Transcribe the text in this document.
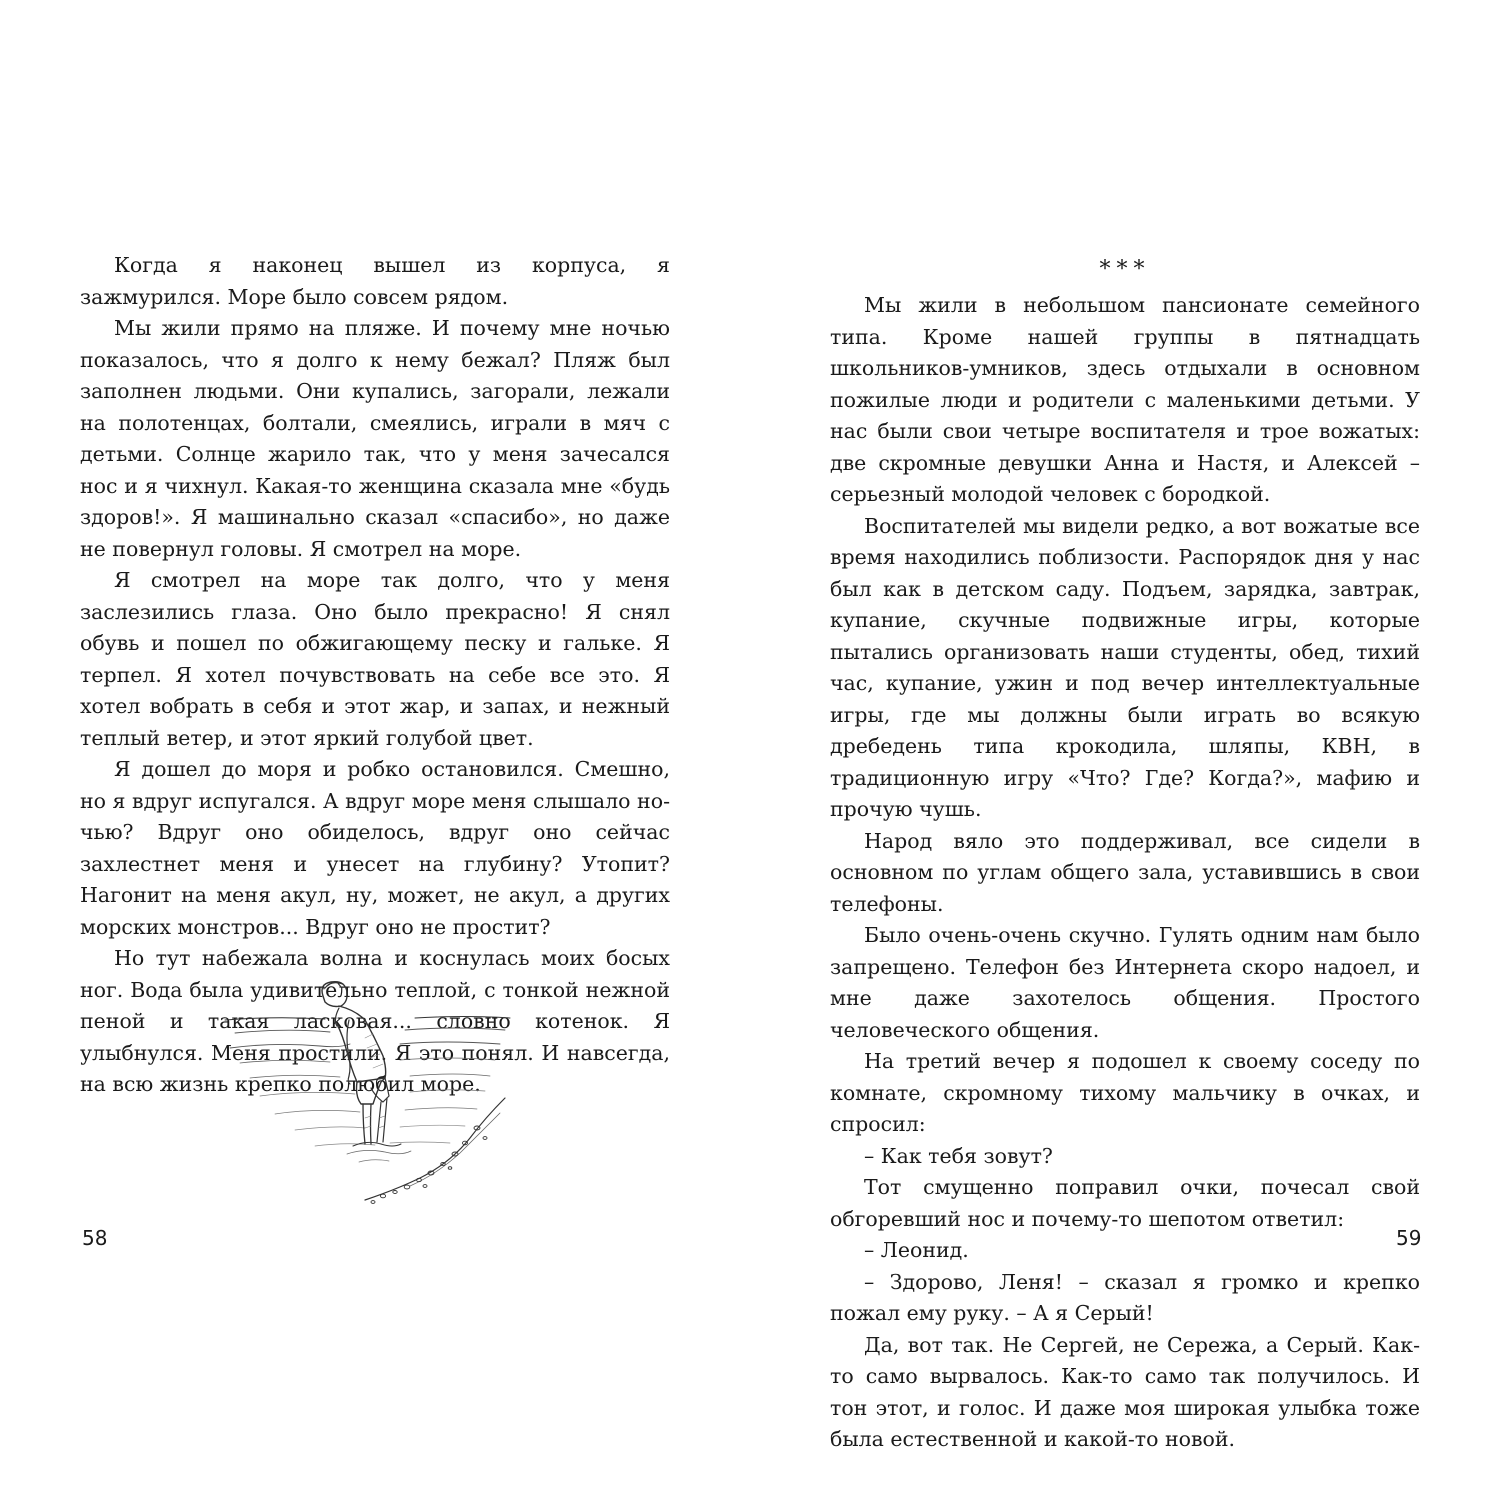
Когда я наконец вышел из корпуса, я зажмурился. Море было совсем рядом.

Мы жили прямо на пляже. И почему мне ночью показалось, что я долго к нему бежал? Пляж был заполнен людьми. Они купались, загорали, лежали на полотенцах, болтали, смеялись, играли в мяч с детьми. Солнце жарило так, что у меня зачесался нос и я чихнул. Какая-то женщина сказала мне «будь здоров!». Я машинально сказал «спасибо», но даже не повернул головы. Я смотрел на море.

Я смотрел на море так долго, что у меня заслезились глаза. Оно было прекрасно! Я снял обувь и пошел по обжигающему песку и гальке. Я терпел. Я хотел почувствовать на себе все это. Я хотел вобрать в себя и этот жар, и запах, и нежный теплый ветер, и этот яркий голубой цвет.

Я дошел до моря и робко остановился. Смешно, но я вдруг испугался. А вдруг море меня слышало ночью? Вдруг оно обиделось, вдруг оно сейчас захлестнет меня и унесет на глубину? Утопит? Нагонит на меня акул, ну, может, не акул, а других морских монстров... Вдруг оно не простит?

Но тут набежала волна и коснулась моих босых ног. Вода была удивительно теплой, с тонкой нежной пеной и такая ласковая... словно котенок. Я улыбнулся. Меня простили. Я это понял. И навсегда, на всю жизнь крепко полюбил море.

58
***

Мы жили в небольшом пансионате семейного типа. Кроме нашей группы в пятнадцать школьников-умников, здесь отдыхали в основном пожилые люди и родители с маленькими детьми. У нас были свои четыре воспитателя и трое вожатых: две скромные девушки Анна и Настя, и Алексей – серьезный молодой человек с бородкой.

Воспитателей мы видели редко, а вот вожатые все время находились поблизости. Распорядок дня у нас был как в детском саду. Подъем, зарядка, завтрак, купание, скучные подвижные игры, которые пытались организовать наши студенты, обед, тихий час, купание, ужин и под вечер интеллектуальные игры, где мы должны были играть во всякую дребедень типа крокодила, шляпы, КВН, в традиционную игру «Что? Где? Когда?», мафию и прочую чушь.

Народ вяло это поддерживал, все сидели в основном по углам общего зала, уставившись в свои телефоны.

Было очень-очень скучно. Гулять одним нам было запрещено. Телефон без Интернета скоро надоел, и мне даже захотелось общения. Простого человеческого общения.

На третий вечер я подошел к своему соседу по комнате, скромному тихому мальчику в очках, и спросил:

– Как тебя зовут?

Тот смущенно поправил очки, почесал свой обгоревший нос и почему-то шепотом ответил:

– Леонид.

– Здорово, Леня! – сказал я громко и крепко пожал ему руку. – А я Серый!

Да, вот так. Не Сергей, не Сережа, а Серый. Как-то само вырвалось. Как-то само так получилось. И тон этот, и голос. И даже моя широкая улыбка тоже была естественной и какой-то новой.

59
